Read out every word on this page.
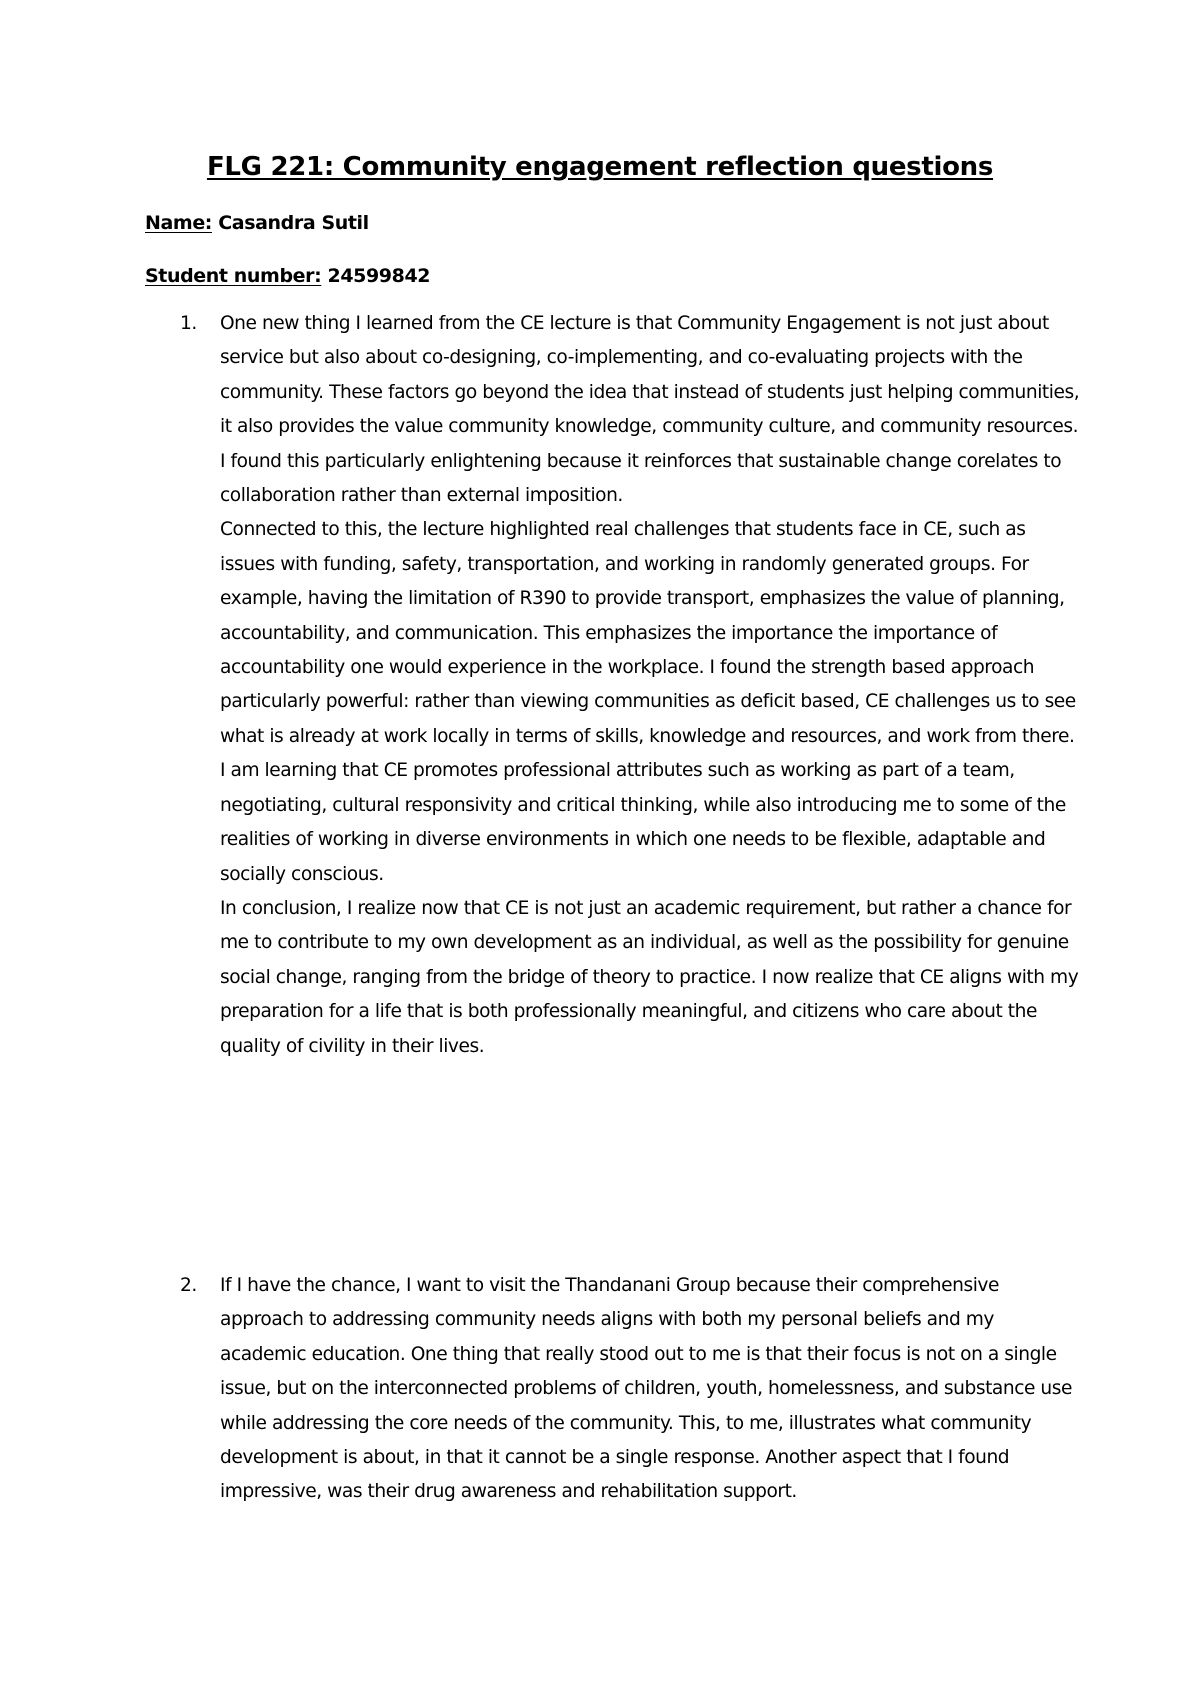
FLG 221: Community engagement reflection questions

Name: Casandra Sutil

Student number: 24599842

1.	One new thing I learned from the CE lecture is that Community Engagement is not just about service but also about co-designing, co-implementing, and co-evaluating projects with the community. These factors go beyond the idea that instead of students just helping communities, it also provides the value community knowledge, community culture, and community resources. I found this particularly enlightening because it reinforces that sustainable change corelates to collaboration rather than external imposition.

Connected to this, the lecture highlighted real challenges that students face in CE, such as issues with funding, safety, transportation, and working in randomly generated groups. For example, having the limitation of R390 to provide transport, emphasizes the value of planning, accountability, and communication. This emphasizes the importance the importance of accountability one would experience in the workplace. I found the strength based approach particularly powerful: rather than viewing communities as deficit based, CE challenges us to see what is already at work locally in terms of skills, knowledge and resources, and work from there.

I am learning that CE promotes professional attributes such as working as part of a team, negotiating, cultural responsivity and critical thinking, while also introducing me to some of the realities of working in diverse environments in which one needs to be flexible, adaptable and socially conscious.

In conclusion, I realize now that CE is not just an academic requirement, but rather a chance for me to contribute to my own development as an individual, as well as the possibility for genuine social change, ranging from the bridge of theory to practice. I now realize that CE aligns with my preparation for a life that is both professionally meaningful, and citizens who care about the quality of civility in their lives.

2.	If I have the chance, I want to visit the Thandanani Group because their comprehensive approach to addressing community needs aligns with both my personal beliefs and my academic education. One thing that really stood out to me is that their focus is not on a single issue, but on the interconnected problems of children, youth, homelessness, and substance use while addressing the core needs of the community. This, to me, illustrates what community development is about, in that it cannot be a single response. Another aspect that I found impressive, was their drug awareness and rehabilitation support.
